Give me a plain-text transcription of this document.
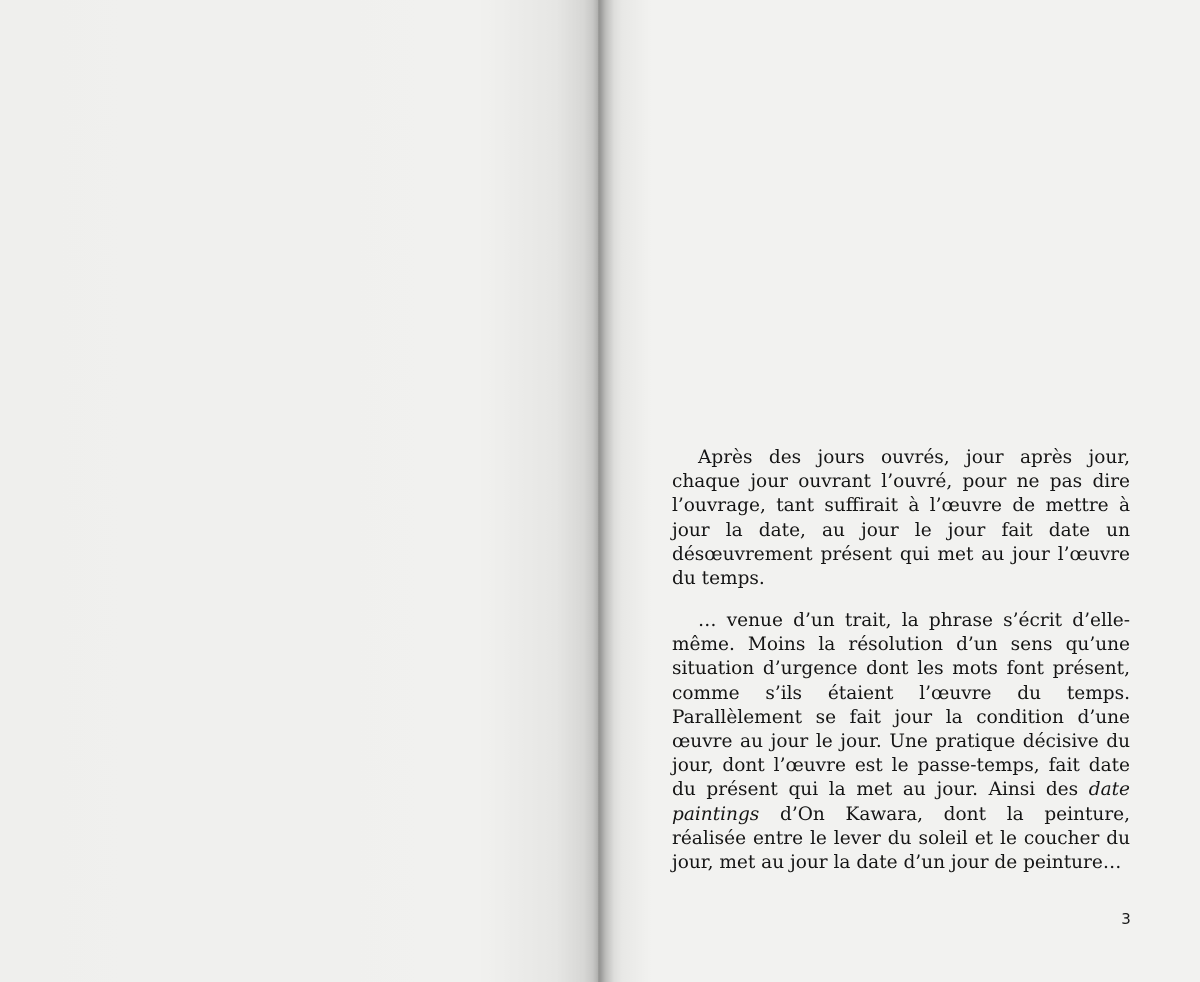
Après des jours ouvrés, jour après jour, chaque jour ouvrant l’ouvré, pour ne pas dire l’ouvrage, tant suffirait à l’œuvre de mettre à jour la date, au jour le jour fait date un désœuvrement présent qui met au jour l’œuvre du temps.

… venue d’un trait, la phrase s’écrit d’elle-même. Moins la résolution d’un sens qu’une situation d’urgence dont les mots font présent, comme s’ils étaient l’œuvre du temps. Parallèlement se fait jour la condition d’une œuvre au jour le jour. Une pratique décisive du jour, dont l’œuvre est le passe-temps, fait date du présent qui la met au jour. Ainsi des date paintings d’On Kawara, dont la peinture, réalisée entre le lever du soleil et le coucher du jour, met au jour la date d’un jour de peinture…

3
